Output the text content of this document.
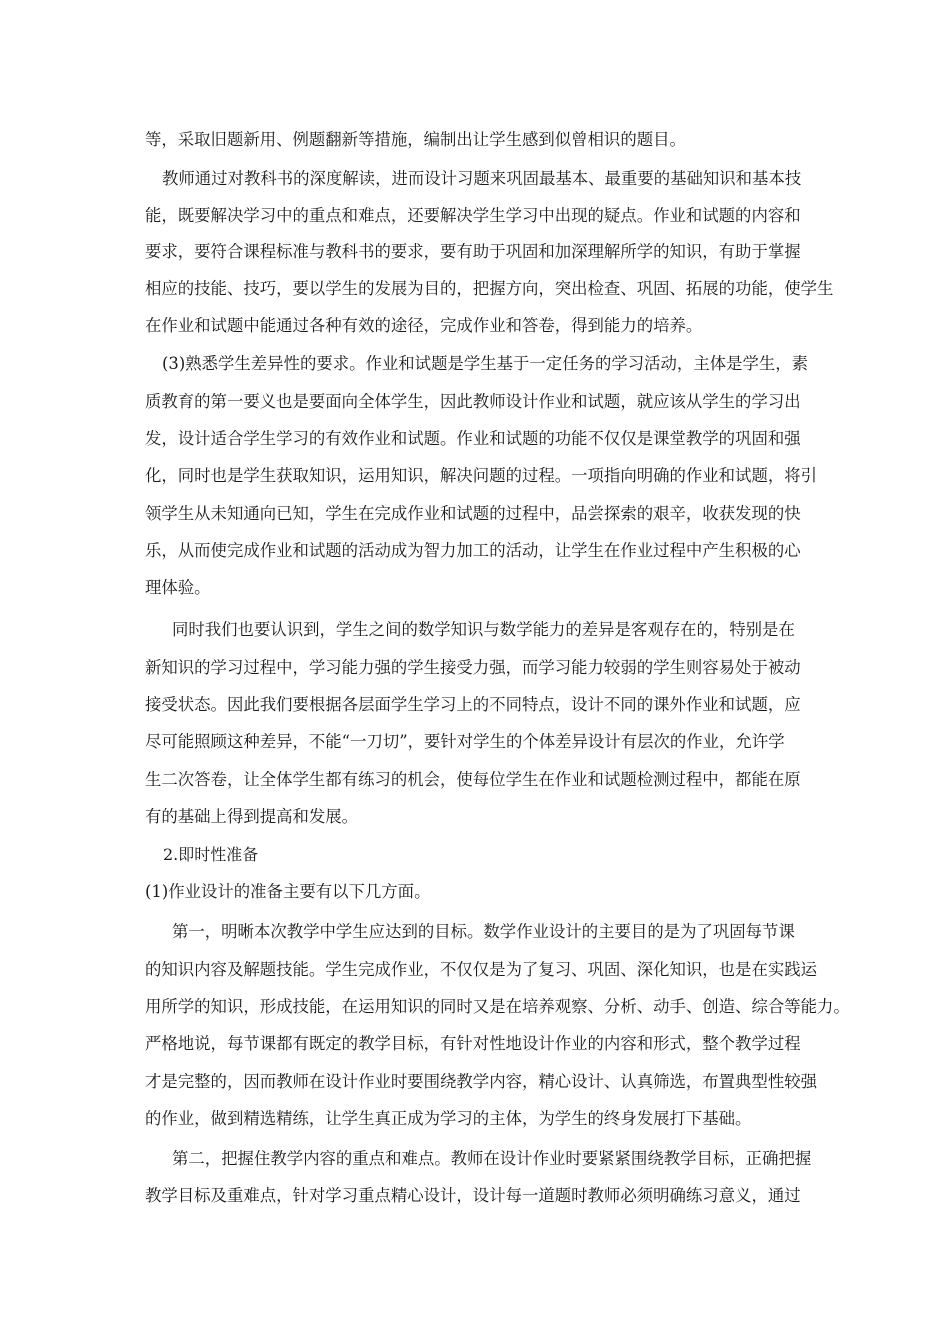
等，采取旧题新用、例题翻新等措施，编制出让学生感到似曾相识的题目。

教师通过对教科书的深度解读，进而设计习题来巩固最基本、最重要的基础知识和基本技

能，既要解决学习中的重点和难点，还要解决学生学习中出现的疑点。作业和试题的内容和

要求，要符合课程标准与教科书的要求，要有助于巩固和加深理解所学的知识，有助于掌握

相应的技能、技巧，要以学生的发展为目的，把握方向，突出检查、巩固、拓展的功能，使学生

在作业和试题中能通过各种有效的途径，完成作业和答卷，得到能力的培养。

(3)熟悉学生差异性的要求。作业和试题是学生基于一定任务的学习活动，主体是学生，素

质教育的第一要义也是要面向全体学生，因此教师设计作业和试题，就应该从学生的学习出

发，设计适合学生学习的有效作业和试题。作业和试题的功能不仅仅是课堂教学的巩固和强

化，同时也是学生获取知识，运用知识，解决问题的过程。一项指向明确的作业和试题，将引

领学生从未知通向已知，学生在完成作业和试题的过程中，品尝探索的艰辛，收获发现的快

乐，从而使完成作业和试题的活动成为智力加工的活动，让学生在作业过程中产生积极的心

理体验。

同时我们也要认识到，学生之间的数学知识与数学能力的差异是客观存在的，特别是在

新知识的学习过程中，学习能力强的学生接受力强，而学习能力较弱的学生则容易处于被动

接受状态。因此我们要根据各层面学生学习上的不同特点，设计不同的课外作业和试题，应

尽可能照顾这种差异，不能“一刀切”，要针对学生的个体差异设计有层次的作业，允许学

生二次答卷，让全体学生都有练习的机会，使每位学生在作业和试题检测过程中，都能在原

有的基础上得到提高和发展。

2.即时性准备

(1)作业设计的准备主要有以下几方面。

第一，明晰本次教学中学生应达到的目标。数学作业设计的主要目的是为了巩固每节课

的知识内容及解题技能。学生完成作业，不仅仅是为了复习、巩固、深化知识，也是在实践运

用所学的知识，形成技能，在运用知识的同时又是在培养观察、分析、动手、创造、综合等能力。

严格地说，每节课都有既定的教学目标，有针对性地设计作业的内容和形式，整个教学过程

才是完整的，因而教师在设计作业时要围绕教学内容，精心设计、认真筛选，布置典型性较强

的作业，做到精选精练，让学生真正成为学习的主体，为学生的终身发展打下基础。

第二，把握住教学内容的重点和难点。教师在设计作业时要紧紧围绕教学目标，正确把握

教学目标及重难点，针对学习重点精心设计，设计每一道题时教师必须明确练习意义，通过
